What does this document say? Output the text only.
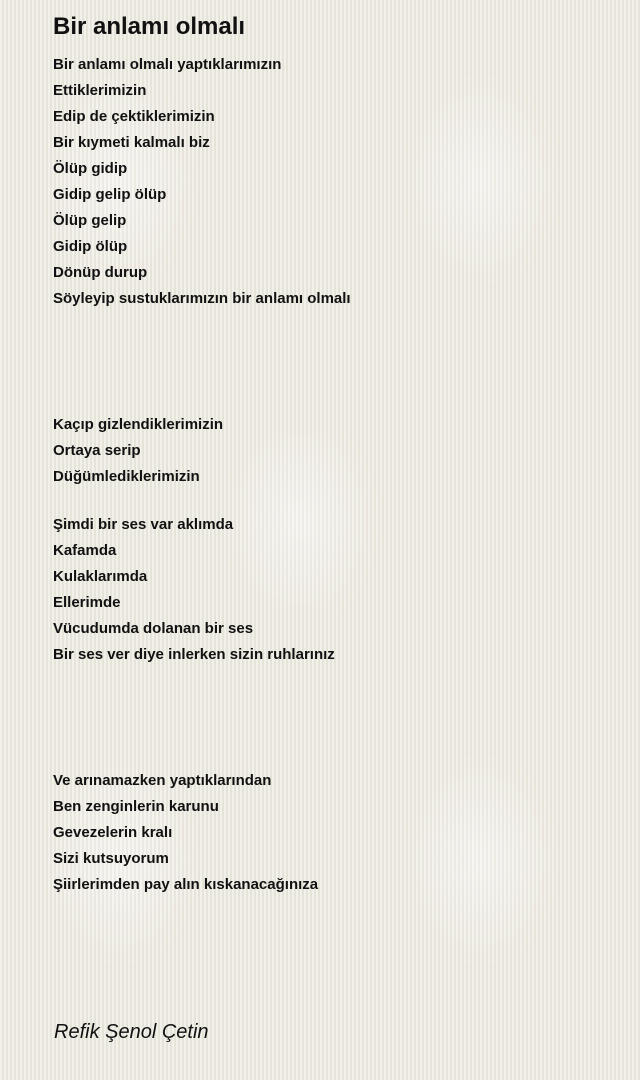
Bir anlamı olmalı
Bir anlamı olmalı yaptıklarımızın
Ettiklerimizin
Edip de çektiklerimizin
Bir kıymeti kalmalı biz
Ölüp gidip
Gidip gelip ölüp
Ölüp gelip
Gidip ölüp
Dönüp durup
Söyleyip sustuklarımızın bir anlamı olmalı
Kaçıp gizlendiklerimizin
Ortaya serip
Düğümlediklerimizin
Şimdi bir ses var aklımda
Kafamda
Kulaklarımda
Ellerimde
Vücudumda dolanan bir ses
Bir ses ver diye inlerken sizin ruhlarınız
Ve arınamazken yaptıklarından
Ben zenginlerin karunu
Gevezelerin kralı
Sizi kutsuyorum
Şiirlerimden pay alın kıskanacağınıza
Refik Şenol Çetin
